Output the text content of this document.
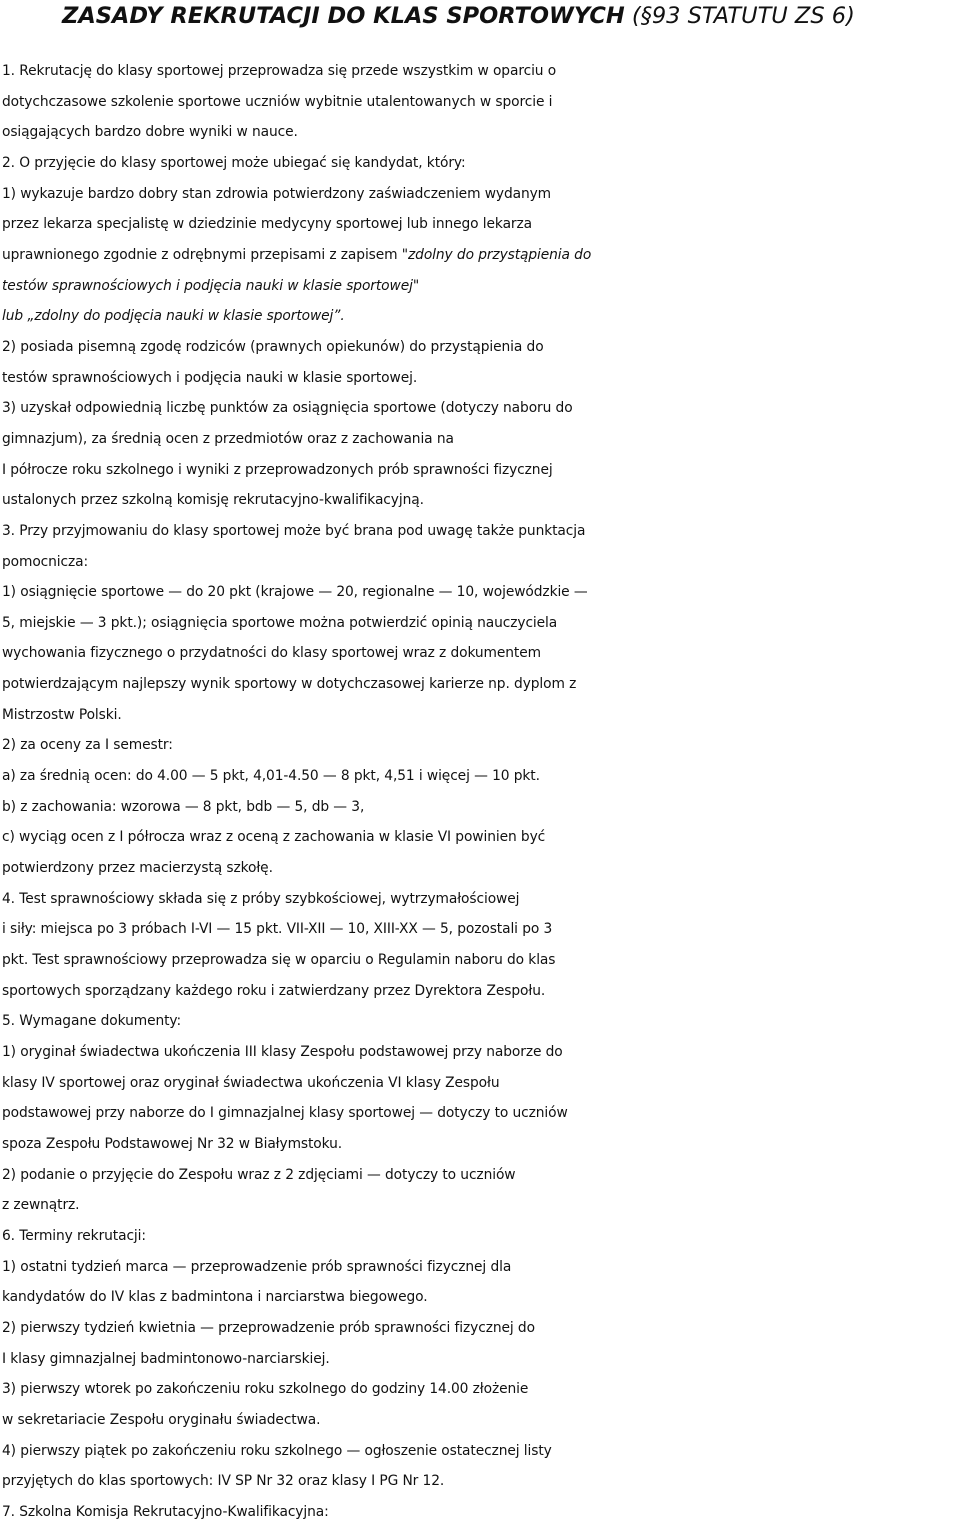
ZASADY REKRUTACJI DO KLAS SPORTOWYCH (§93 STATUTU ZS 6)
1. Rekrutację do klasy sportowej przeprowadza się przede wszystkim w oparciu o
dotychczasowe szkolenie sportowe uczniów wybitnie utalentowanych w sporcie i
osiągających bardzo dobre wyniki w nauce.
2. O przyjęcie do klasy sportowej może ubiegać się kandydat, który:
1) wykazuje bardzo dobry stan zdrowia potwierdzony zaświadczeniem wydanym
przez lekarza specjalistę w dziedzinie medycyny sportowej lub innego lekarza
uprawnionego zgodnie z odrębnymi przepisami z zapisem "zdolny do przystąpienia do
testów sprawnościowych i podjęcia nauki w klasie sportowej"
lub „zdolny do podjęcia nauki w klasie sportowej”.
2) posiada pisemną zgodę rodziców (prawnych opiekunów) do przystąpienia do
testów sprawnościowych i podjęcia nauki w klasie sportowej.
3) uzyskał odpowiednią liczbę punktów za osiągnięcia sportowe (dotyczy naboru do
gimnazjum), za średnią ocen z przedmiotów oraz z zachowania na
I półrocze roku szkolnego i wyniki z przeprowadzonych prób sprawności fizycznej
ustalonych przez szkolną komisję rekrutacyjno-kwalifikacyjną.
3. Przy przyjmowaniu do klasy sportowej może być brana pod uwagę także punktacja
pomocnicza:
1) osiągnięcie sportowe — do 20 pkt (krajowe — 20, regionalne — 10, wojewódzkie —
5, miejskie — 3 pkt.); osiągnięcia sportowe można potwierdzić opinią nauczyciela
wychowania fizycznego o przydatności do klasy sportowej wraz z dokumentem
potwierdzającym najlepszy wynik sportowy w dotychczasowej karierze np. dyplom z
Mistrzostw Polski.
2) za oceny za I semestr:
a) za średnią ocen: do 4.00 — 5 pkt, 4,01-4.50 — 8 pkt, 4,51 i więcej — 10 pkt.
b) z zachowania: wzorowa — 8 pkt, bdb — 5, db — 3,
c) wyciąg ocen z I półrocza wraz z oceną z zachowania w klasie VI powinien być
potwierdzony przez macierzystą szkołę.
4. Test sprawnościowy składa się z próby szybkościowej, wytrzymałościowej
i siły: miejsca po 3 próbach I-VI — 15 pkt. VII-XII — 10, XIII-XX — 5, pozostali po 3
pkt. Test sprawnościowy przeprowadza się w oparciu o Regulamin naboru do klas
sportowych sporządzany każdego roku i zatwierdzany przez Dyrektora Zespołu.
5. Wymagane dokumenty:
1) oryginał świadectwa ukończenia III klasy Zespołu podstawowej przy naborze do
klasy IV sportowej oraz oryginał świadectwa ukończenia VI klasy Zespołu
podstawowej przy naborze do I gimnazjalnej klasy sportowej — dotyczy to uczniów
spoza Zespołu Podstawowej Nr 32 w Białymstoku.
2) podanie o przyjęcie do Zespołu wraz z 2 zdjęciami — dotyczy to uczniów
z zewnątrz.
6. Terminy rekrutacji:
1) ostatni tydzień marca — przeprowadzenie prób sprawności fizycznej dla
kandydatów do IV klas z badmintona i narciarstwa biegowego.
2) pierwszy tydzień kwietnia — przeprowadzenie prób sprawności fizycznej do
I klasy gimnazjalnej badmintonowo-narciarskiej.
3) pierwszy wtorek po zakończeniu roku szkolnego do godziny 14.00 złożenie
w sekretariacie Zespołu oryginału świadectwa.
4) pierwszy piątek po zakończeniu roku szkolnego — ogłoszenie ostatecznej listy
przyjętych do klas sportowych: IV SP Nr 32 oraz klasy I PG Nr 12.
7. Szkolna Komisja Rekrutacyjno-Kwalifikacyjna:
